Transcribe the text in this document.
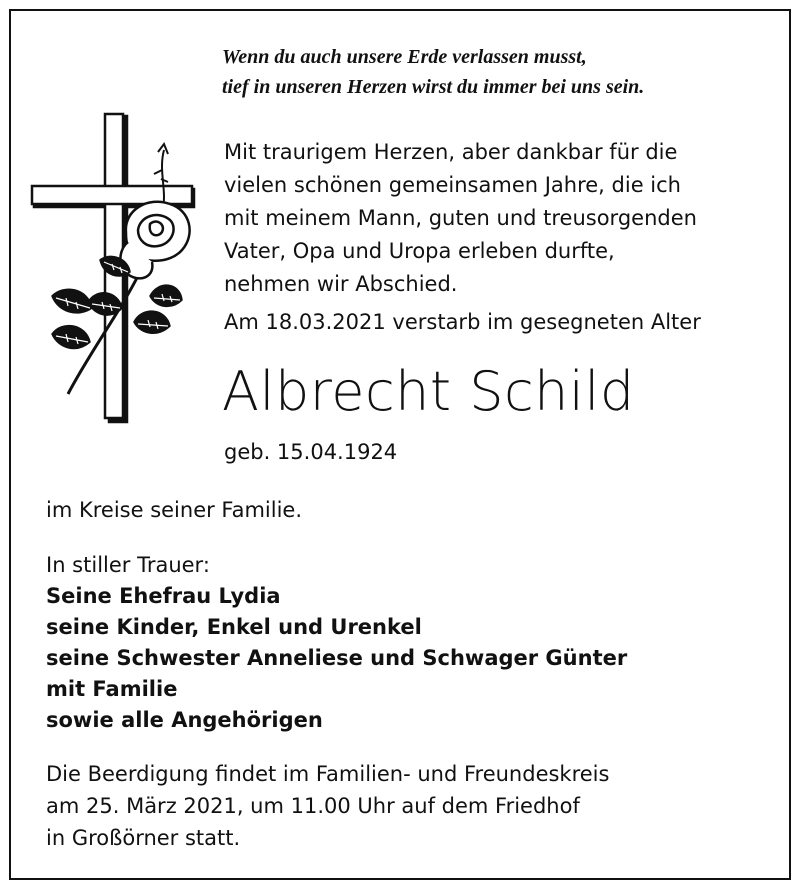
Wenn du auch unsere Erde verlassen musst,
tief in unseren Herzen wirst du immer bei uns sein.
Mit traurigem Herzen, aber dankbar für die
vielen schönen gemeinsamen Jahre, die ich
mit meinem Mann, guten und treusorgenden
Vater, Opa und Uropa erleben durfte,
nehmen wir Abschied.
Am 18.03.2021 verstarb im gesegneten Alter
Albrecht Schild
geb. 15.04.1924
im Kreise seiner Familie.
In stiller Trauer:
Seine Ehefrau Lydia
seine Kinder, Enkel und Urenkel
seine Schwester Anneliese und Schwager Günter
mit Familie
sowie alle Angehörigen
Die Beerdigung findet im Familien- und Freundeskreis
am 25. März 2021, um 11.00 Uhr auf dem Friedhof
in Großörner statt.
